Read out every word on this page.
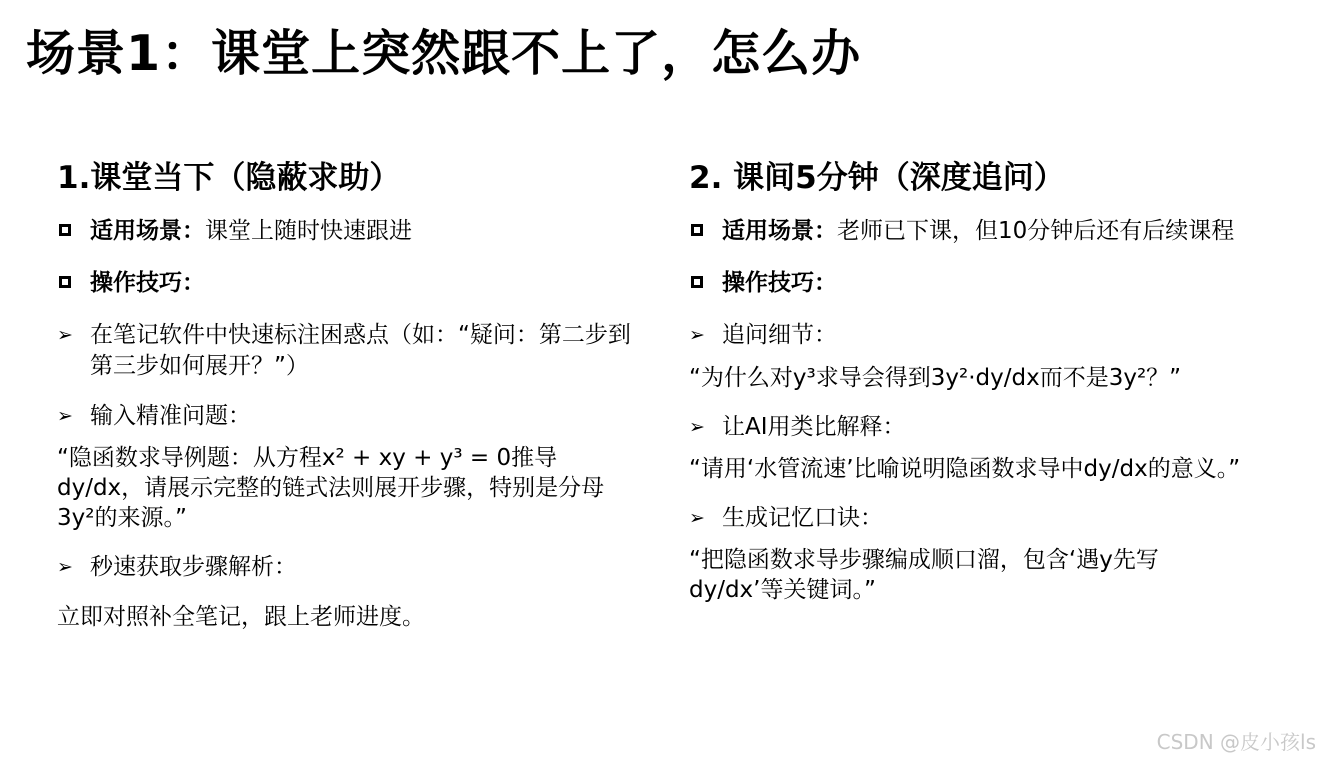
场景1：课堂上突然跟不上了，怎么办
1.课堂当下（隐蔽求助）
适用场景：课堂上随时快速跟进
操作技巧：
➢ 在笔记软件中快速标注困惑点（如：“疑问：第二步到第三步如何展开？”）
➢ 输入精准问题：
“隐函数求导例题：从方程x² + xy + y³ = 0推导dy/dx，请展示完整的链式法则展开步骤，特别是分母3y²的来源。”
➢ 秒速获取步骤解析：
立即对照补全笔记，跟上老师进度。
2. 课间5分钟（深度追问）
适用场景：老师已下课，但10分钟后还有后续课程
操作技巧：
➢ 追问细节：
“为什么对y³求导会得到3y²·dy/dx而不是3y²？”
➢ 让AI用类比解释：
“请用‘水管流速’比喻说明隐函数求导中dy/dx的意义。”
➢ 生成记忆口诀：
“把隐函数求导步骤编成顺口溜，包含‘遇y先写dy/dx’等关键词。”
CSDN @皮小孩ls
